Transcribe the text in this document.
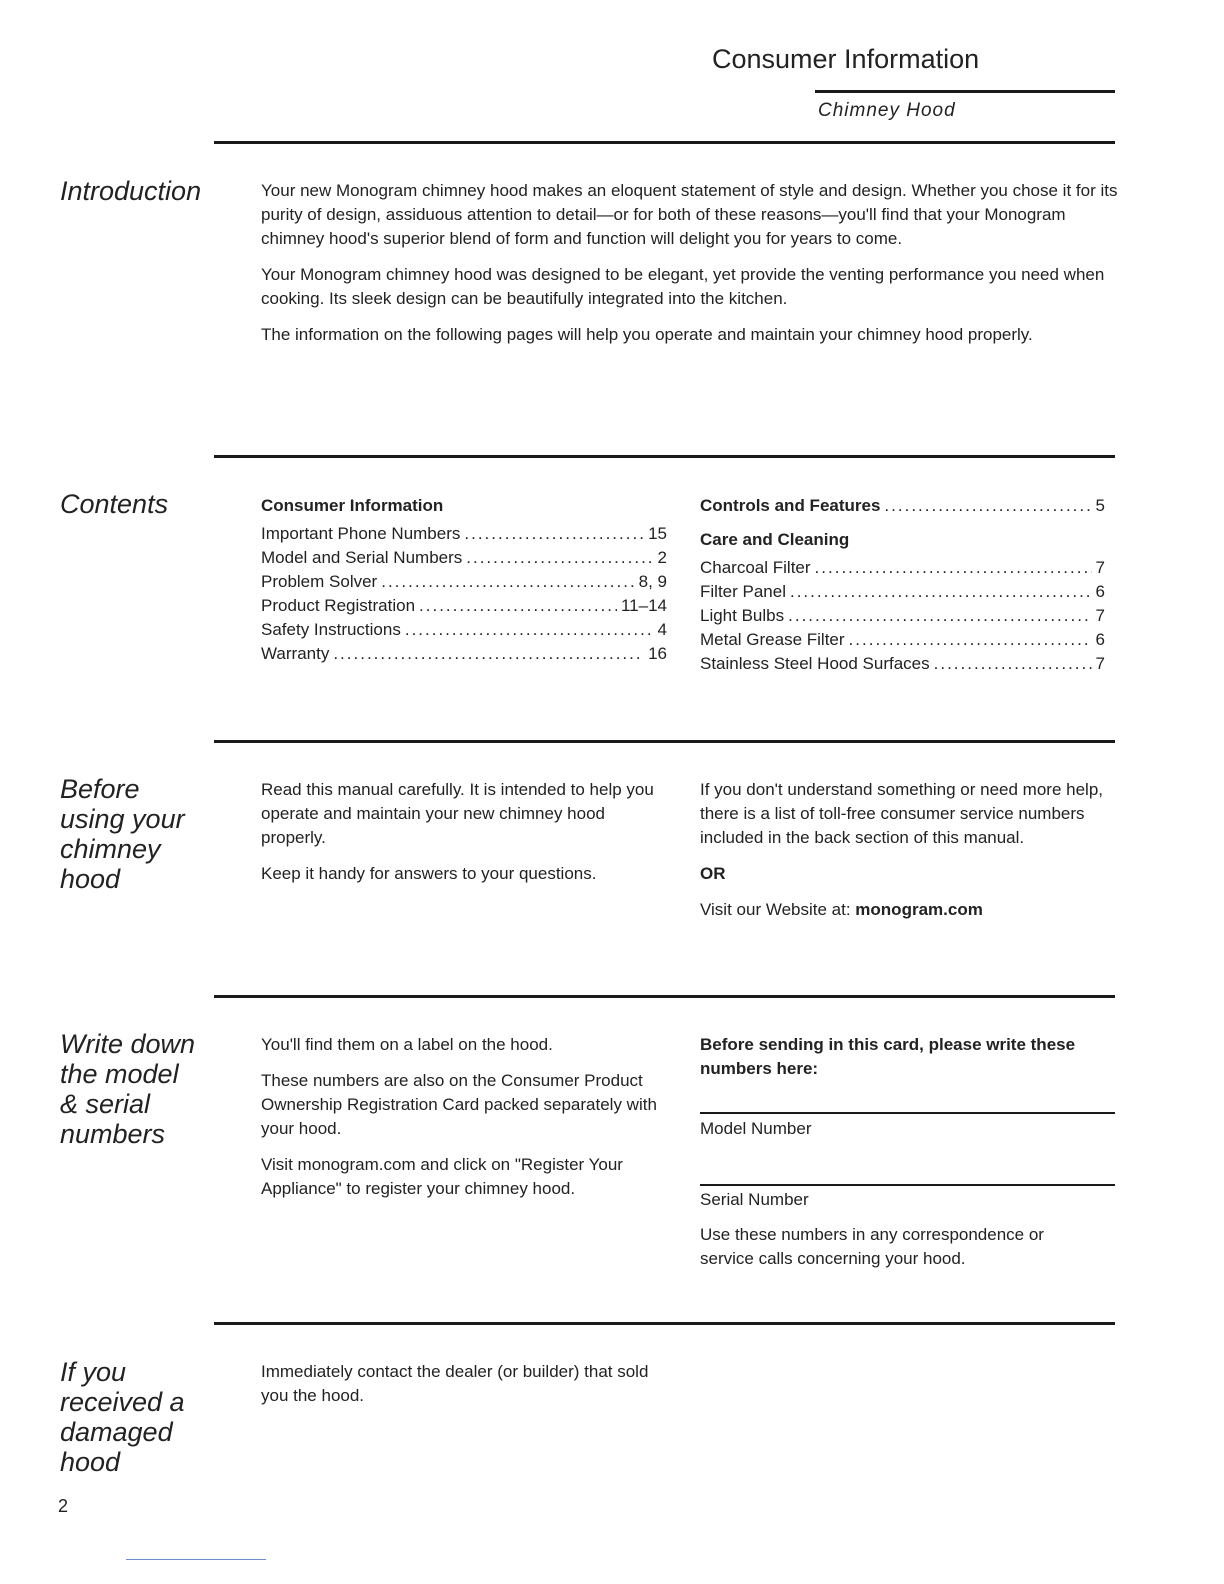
Consumer Information
Chimney Hood
Introduction	Your new Monogram chimney hood makes an eloquent statement of style and design. Whether you chose it for its purity of design, assiduous attention to detail—or for both of these reasons—you'll find that your Monogram chimney hood's superior blend of form and function will delight you for years to come.

Your Monogram chimney hood was designed to be elegant, yet provide the venting performance you need when cooking. Its sleek design can be beautifully integrated into the kitchen.

The information on the following pages will help you operate and maintain your chimney hood properly.

Contents	Consumer Information
Important Phone Numbers .....	15
Model and Serial Numbers .....	2
Problem Solver .....	8, 9
Product Registration .....	11–14
Safety Instructions .....	4
Warranty .....	16
Controls and Features .....	5
Care and Cleaning
Charcoal Filter .....	7
Filter Panel .....	6
Light Bulbs .....	7
Metal Grease Filter .....	6
Stainless Steel Hood Surfaces .....	7
Before using your chimney hood

Read this manual carefully. It is intended to help you operate and maintain your new chimney hood properly.

Keep it handy for answers to your questions.

If you don't understand something or need more help, there is a list of toll-free consumer service numbers included in the back section of this manual.

OR

Visit our Website at: monogram.com

Write down the model & serial numbers

You'll find them on a label on the hood.

These numbers are also on the Consumer Product Ownership Registration Card packed separately with your hood.

Visit monogram.com and click on "Register Your Appliance" to register your chimney hood.

Before sending in this card, please write these numbers here:
Model Number
Serial Number
Use these numbers in any correspondence or service calls concerning your hood.
If you received a damaged hood
Immediately contact the dealer (or builder) that sold you the hood.
2
